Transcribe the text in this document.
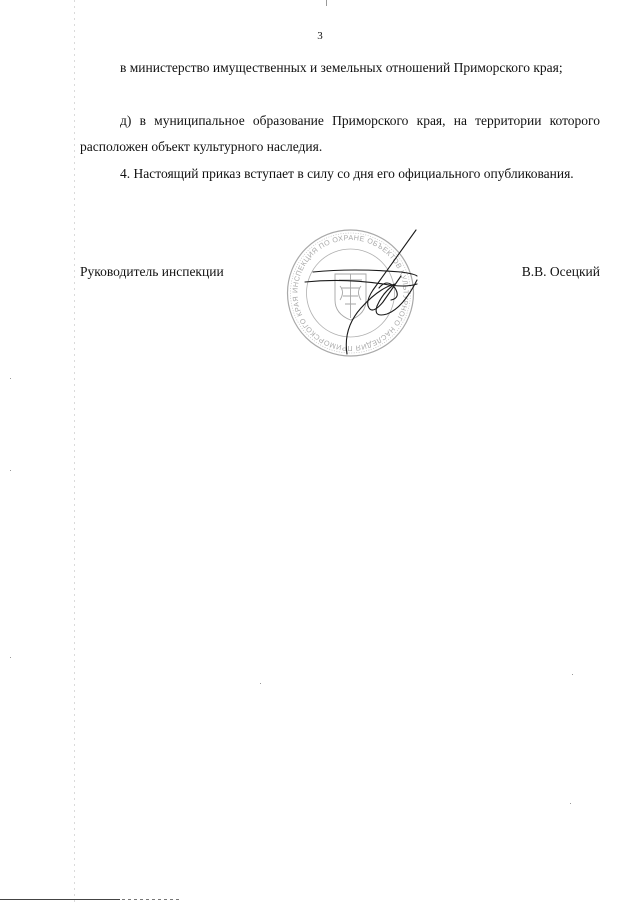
3

в министерство имущественных и земельных отношений Приморского края;

д) в муниципальное образование Приморского края, на территории которого расположен объект культурного наследия.

4. Настоящий приказ вступает в силу со дня его официального опубликования.

Руководитель инспекции	В.В. Осецкий
ИНСПЕКЦИЯ ПО ОХРАНЕ ОБЪЕКТОВ КУЛЬТУРНОГО НАСЛЕДИЯ ПРИМОРСКОГО КРАЯ
